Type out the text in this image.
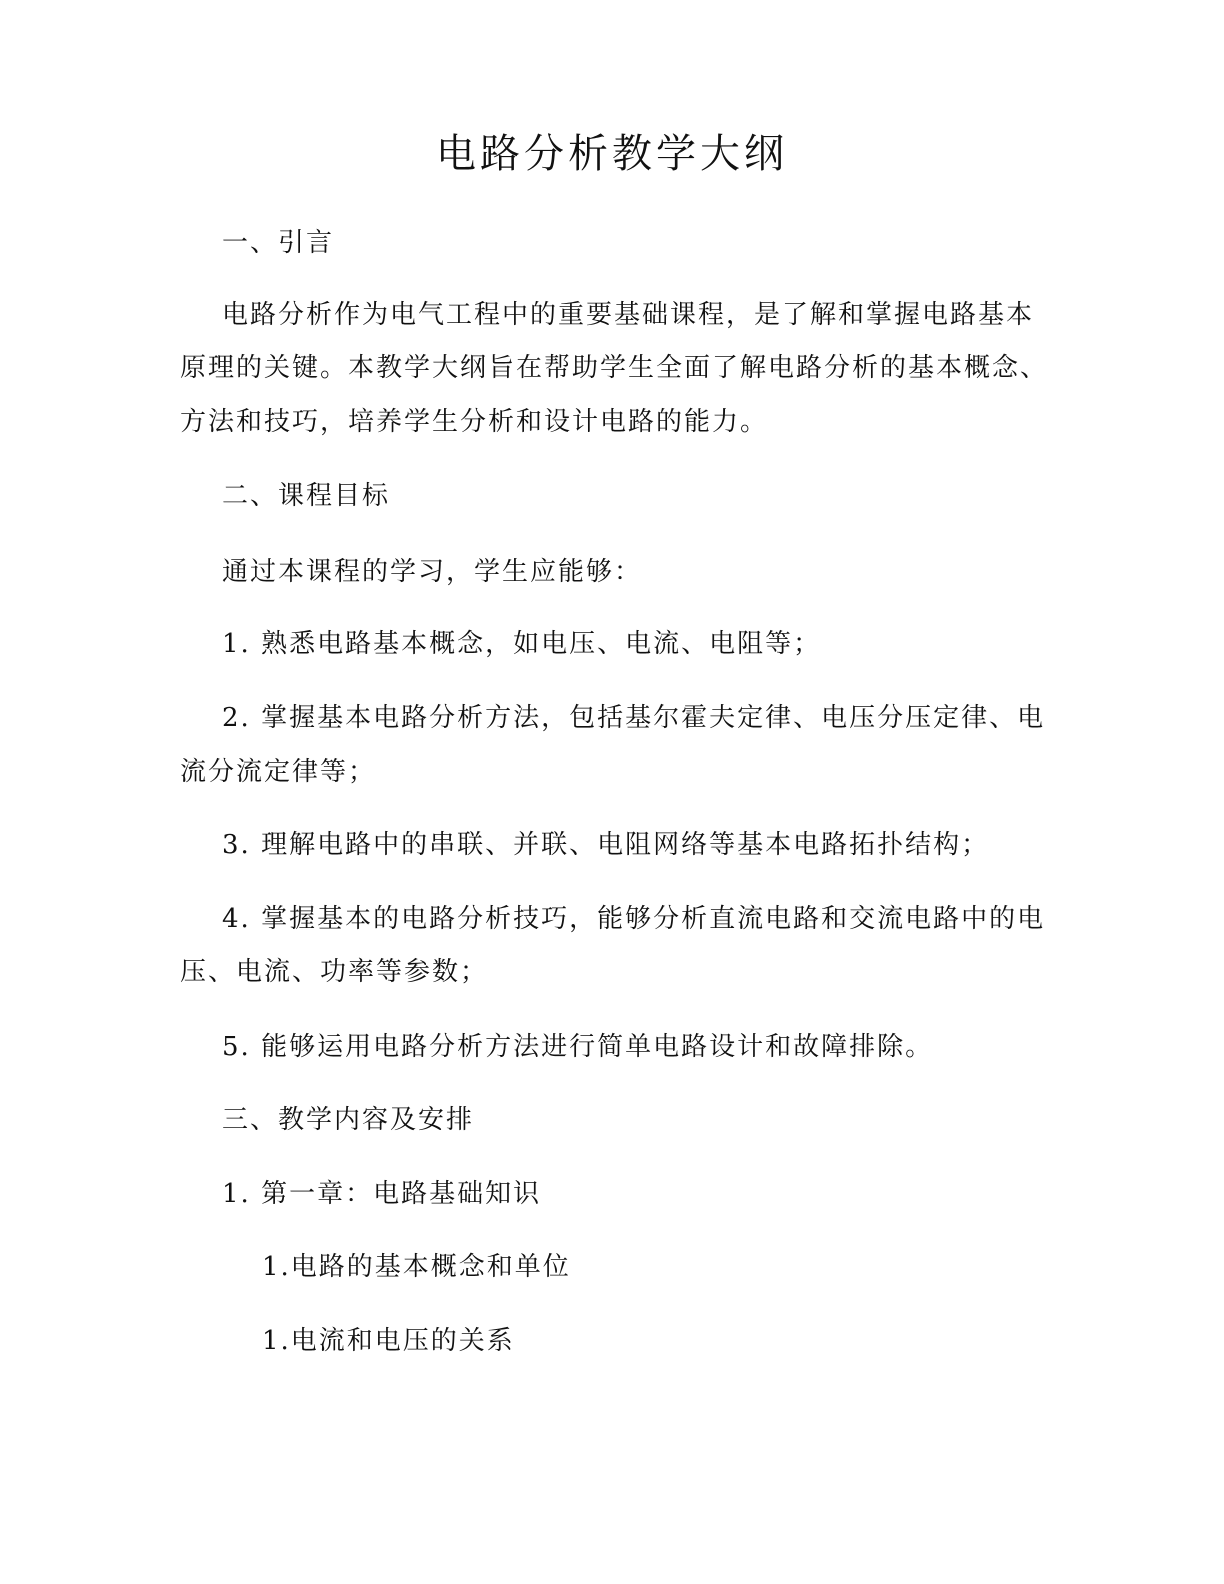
电路分析教学大纲
一、引言
电路分析作为电气工程中的重要基础课程，是了解和掌握电路基本
原理的关键。本教学大纲旨在帮助学生全面了解电路分析的基本概念、
方法和技巧，培养学生分析和设计电路的能力。
二、课程目标
通过本课程的学习，学生应能够：
1. 熟悉电路基本概念，如电压、电流、电阻等；
2. 掌握基本电路分析方法，包括基尔霍夫定律、电压分压定律、电
流分流定律等；
3. 理解电路中的串联、并联、电阻网络等基本电路拓扑结构；
4. 掌握基本的电路分析技巧，能够分析直流电路和交流电路中的电
压、电流、功率等参数；
5. 能够运用电路分析方法进行简单电路设计和故障排除。
三、教学内容及安排
1. 第一章：电路基础知识
1.电路的基本概念和单位
1.电流和电压的关系
